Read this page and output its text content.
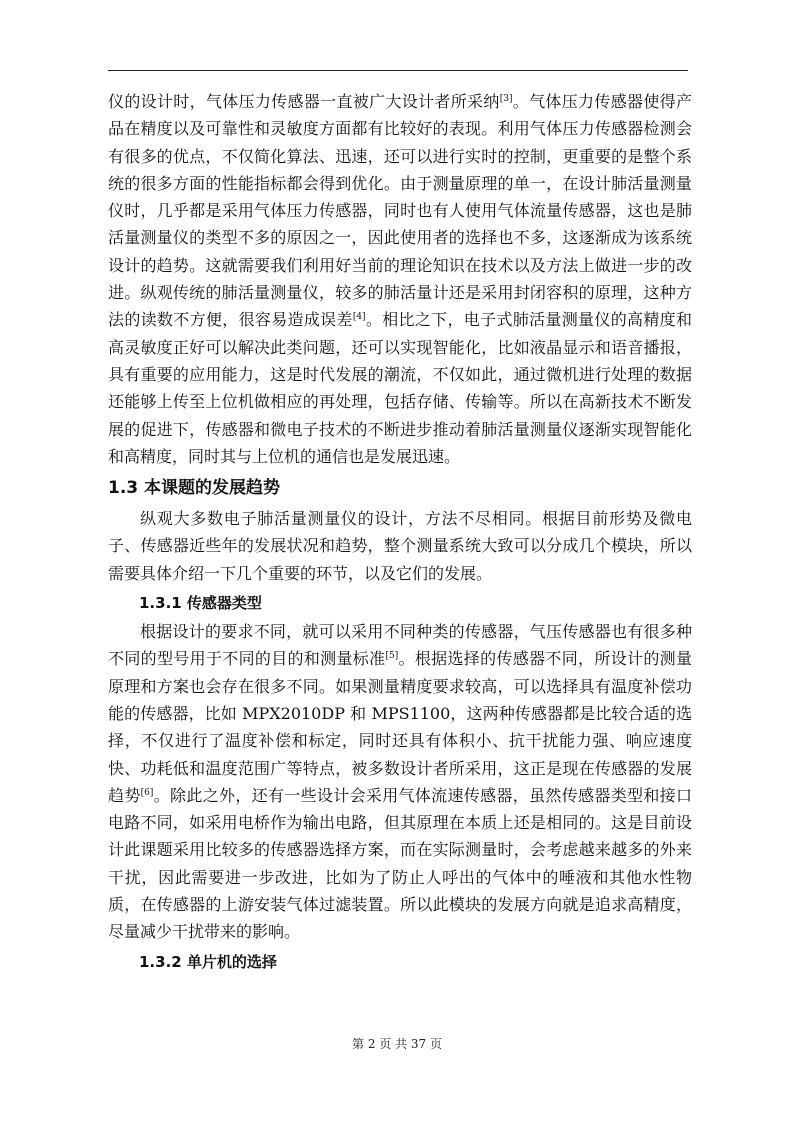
仪的设计时，气体压力传感器一直被广大设计者所采纳[3]。气体压力传感器使得产品在精度以及可靠性和灵敏度方面都有比较好的表现。利用气体压力传感器检测会有很多的优点，不仅简化算法、迅速，还可以进行实时的控制，更重要的是整个系统的很多方面的性能指标都会得到优化。由于测量原理的单一，在设计肺活量测量仪时，几乎都是采用气体压力传感器，同时也有人使用气体流量传感器，这也是肺活量测量仪的类型不多的原因之一，因此使用者的选择也不多，这逐渐成为该系统设计的趋势。这就需要我们利用好当前的理论知识在技术以及方法上做进一步的改进。纵观传统的肺活量测量仪，较多的肺活量计还是采用封闭容积的原理，这种方法的读数不方便，很容易造成误差[4]。相比之下，电子式肺活量测量仪的高精度和高灵敏度正好可以解决此类问题，还可以实现智能化，比如液晶显示和语音播报，具有重要的应用能力，这是时代发展的潮流，不仅如此，通过微机进行处理的数据还能够上传至上位机做相应的再处理，包括存储、传输等。所以在高新技术不断发展的促进下，传感器和微电子技术的不断进步推动着肺活量测量仪逐渐实现智能化和高精度，同时其与上位机的通信也是发展迅速。

1.3 本课题的发展趋势

纵观大多数电子肺活量测量仪的设计，方法不尽相同。根据目前形势及微电子、传感器近些年的发展状况和趋势，整个测量系统大致可以分成几个模块，所以需要具体介绍一下几个重要的环节，以及它们的发展。

1.3.1 传感器类型

根据设计的要求不同，就可以采用不同种类的传感器，气压传感器也有很多种不同的型号用于不同的目的和测量标准[5]。根据选择的传感器不同，所设计的测量原理和方案也会存在很多不同。如果测量精度要求较高，可以选择具有温度补偿功能的传感器，比如 MPX2010DP 和 MPS1100，这两种传感器都是比较合适的选择，不仅进行了温度补偿和标定，同时还具有体积小、抗干扰能力强、响应速度快、功耗低和温度范围广等特点，被多数设计者所采用，这正是现在传感器的发展趋势[6]。除此之外，还有一些设计会采用气体流速传感器，虽然传感器类型和接口电路不同，如采用电桥作为输出电路，但其原理在本质上还是相同的。这是目前设计此课题采用比较多的传感器选择方案，而在实际测量时，会考虑越来越多的外来干扰，因此需要进一步改进，比如为了防止人呼出的气体中的唾液和其他水性物质，在传感器的上游安装气体过滤装置。所以此模块的发展方向就是追求高精度，尽量减少干扰带来的影响。

1.3.2 单片机的选择
第 2 页 共 37 页
